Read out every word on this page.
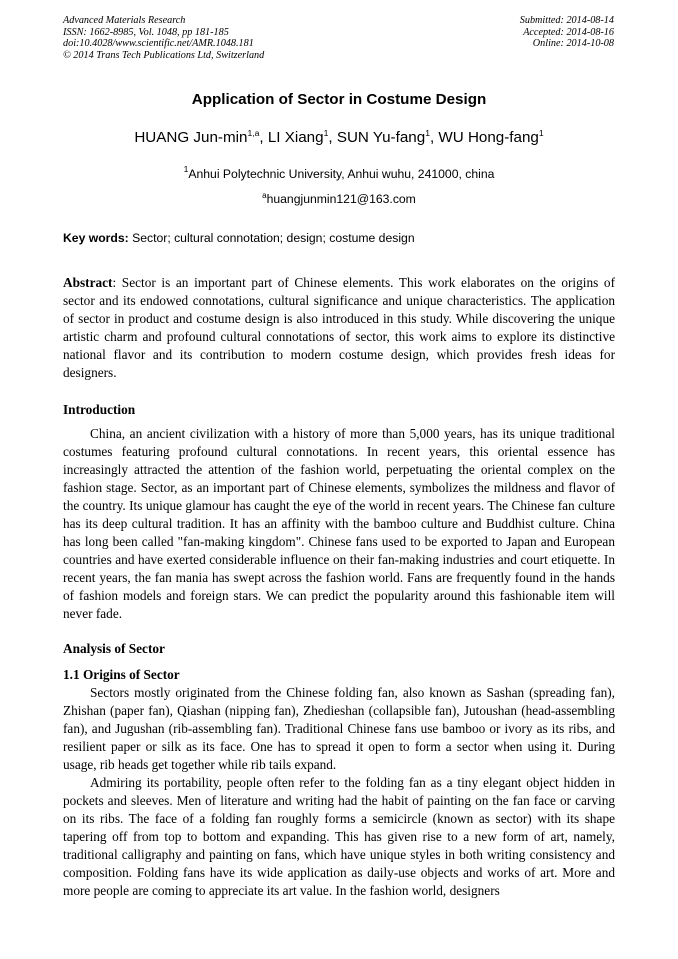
Advanced Materials Research
ISSN: 1662-8985, Vol. 1048, pp 181-185
doi:10.4028/www.scientific.net/AMR.1048.181
© 2014 Trans Tech Publications Ltd, Switzerland
Submitted: 2014-08-14
Accepted: 2014-08-16
Online: 2014-10-08
Application of Sector in Costume Design
HUANG Jun-$\min^{1,a}$, LI Xiang$^1$, SUN Yu-fang$^1$, WU Hong-fang$^1$
$^1$Anhui Polytechnic University, Anhui wuhu, 241000, china
$^a$huangjunmin121@163.com
Key words: Sector; cultural connotation; design; costume design

Abstract: Sector is an important part of Chinese elements. This work elaborates on the origins of sector and its endowed connotations, cultural significance and unique characteristics. The application of sector in product and costume design is also introduced in this study. While discovering the unique artistic charm and profound cultural connotations of sector, this work aims to explore its distinctive national flavor and its contribution to modern costume design, which provides fresh ideas for designers.

Introduction

China, an ancient civilization with a history of more than 5,000 years, has its unique traditional costumes featuring profound cultural connotations. In recent years, this oriental essence has increasingly attracted the attention of the fashion world, perpetuating the oriental complex on the fashion stage. Sector, as an important part of Chinese elements, symbolizes the mildness and flavor of the country. Its unique glamour has caught the eye of the world in recent years. The Chinese fan culture has its deep cultural tradition. It has an affinity with the bamboo culture and Buddhist culture. China has long been called "fan-making kingdom". Chinese fans used to be exported to Japan and European countries and have exerted considerable influence on their fan-making industries and court etiquette. In recent years, the fan mania has swept across the fashion world. Fans are frequently found in the hands of fashion models and foreign stars. We can predict the popularity around this fashionable item will never fade.

Analysis of Sector
1.1 Origins of Sector

Sectors mostly originated from the Chinese folding fan, also known as Sashan (spreading fan), Zhishan (paper fan), Qiashan (nipping fan), Zhedieshan (collapsible fan), Jutoushan (head-assembling fan), and Jugushan (rib-assembling fan). Traditional Chinese fans use bamboo or ivory as its ribs, and resilient paper or silk as its face. One has to spread it open to form a sector when using it. During usage, rib heads get together while rib tails expand.

Admiring its portability, people often refer to the folding fan as a tiny elegant object hidden in pockets and sleeves. Men of literature and writing had the habit of painting on the fan face or carving on its ribs. The face of a folding fan roughly forms a semicircle (known as sector) with its shape tapering off from top to bottom and expanding. This has given rise to a new form of art, namely, traditional calligraphy and painting on fans, which have unique styles in both writing consistency and composition. Folding fans have its wide application as daily-use objects and works of art. More and more people are coming to appreciate its art value. In the fashion world, designers
